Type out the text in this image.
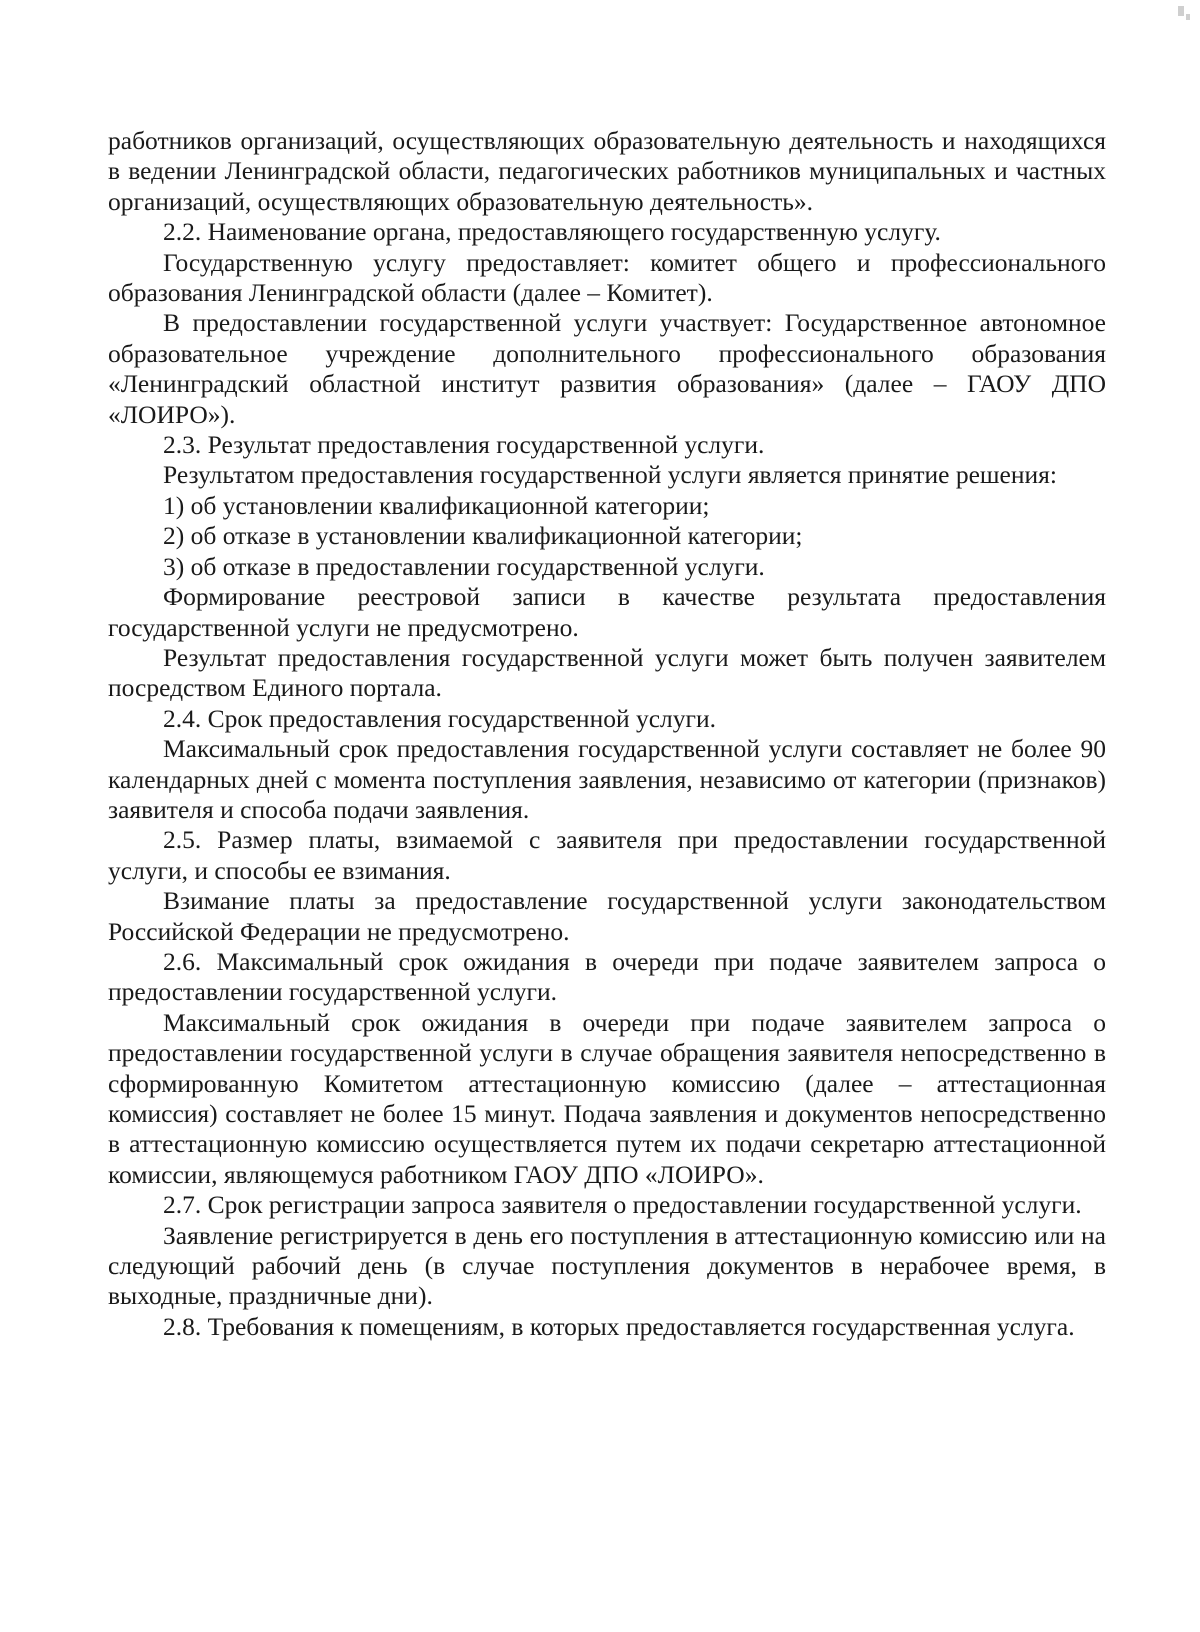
работников организаций, осуществляющих образовательную деятельность и находящихся в ведении Ленинградской области, педагогических работников муниципальных и частных организаций, осуществляющих образовательную деятельность».

2.2. Наименование органа, предоставляющего государственную услугу.

Государственную услугу предоставляет: комитет общего и профессионального образования Ленинградской области (далее – Комитет).

В предоставлении государственной услуги участвует: Государственное автономное образовательное учреждение дополнительного профессионального образования «Ленинградский областной институт развития образования» (далее – ГАОУ ДПО «ЛОИРО»).

2.3. Результат предоставления государственной услуги.

Результатом предоставления государственной услуги является принятие решения:

1) об установлении квалификационной категории;

2) об отказе в установлении квалификационной категории;

3) об отказе в предоставлении государственной услуги.

Формирование реестровой записи в качестве результата предоставления государственной услуги не предусмотрено.

Результат предоставления государственной услуги может быть получен заявителем посредством Единого портала.

2.4. Срок предоставления государственной услуги.

Максимальный срок предоставления государственной услуги составляет не более 90 календарных дней с момента поступления заявления, независимо от категории (признаков) заявителя и способа подачи заявления.

2.5. Размер платы, взимаемой с заявителя при предоставлении государственной услуги, и способы ее взимания.

Взимание платы за предоставление государственной услуги законодательством Российской Федерации не предусмотрено.

2.6. Максимальный срок ожидания в очереди при подаче заявителем запроса о предоставлении государственной услуги.

Максимальный срок ожидания в очереди при подаче заявителем запроса о предоставлении государственной услуги в случае обращения заявителя непосредственно в сформированную Комитетом аттестационную комиссию (далее – аттестационная комиссия) составляет не более 15 минут. Подача заявления и документов непосредственно в аттестационную комиссию осуществляется путем их подачи секретарю аттестационной комиссии, являющемуся работником ГАОУ ДПО «ЛОИРО».

2.7. Срок регистрации запроса заявителя о предоставлении государственной услуги.

Заявление регистрируется в день его поступления в аттестационную комиссию или на следующий рабочий день (в случае поступления документов в нерабочее время, в выходные, праздничные дни).

2.8. Требования к помещениям, в которых предоставляется государственная услуга.
